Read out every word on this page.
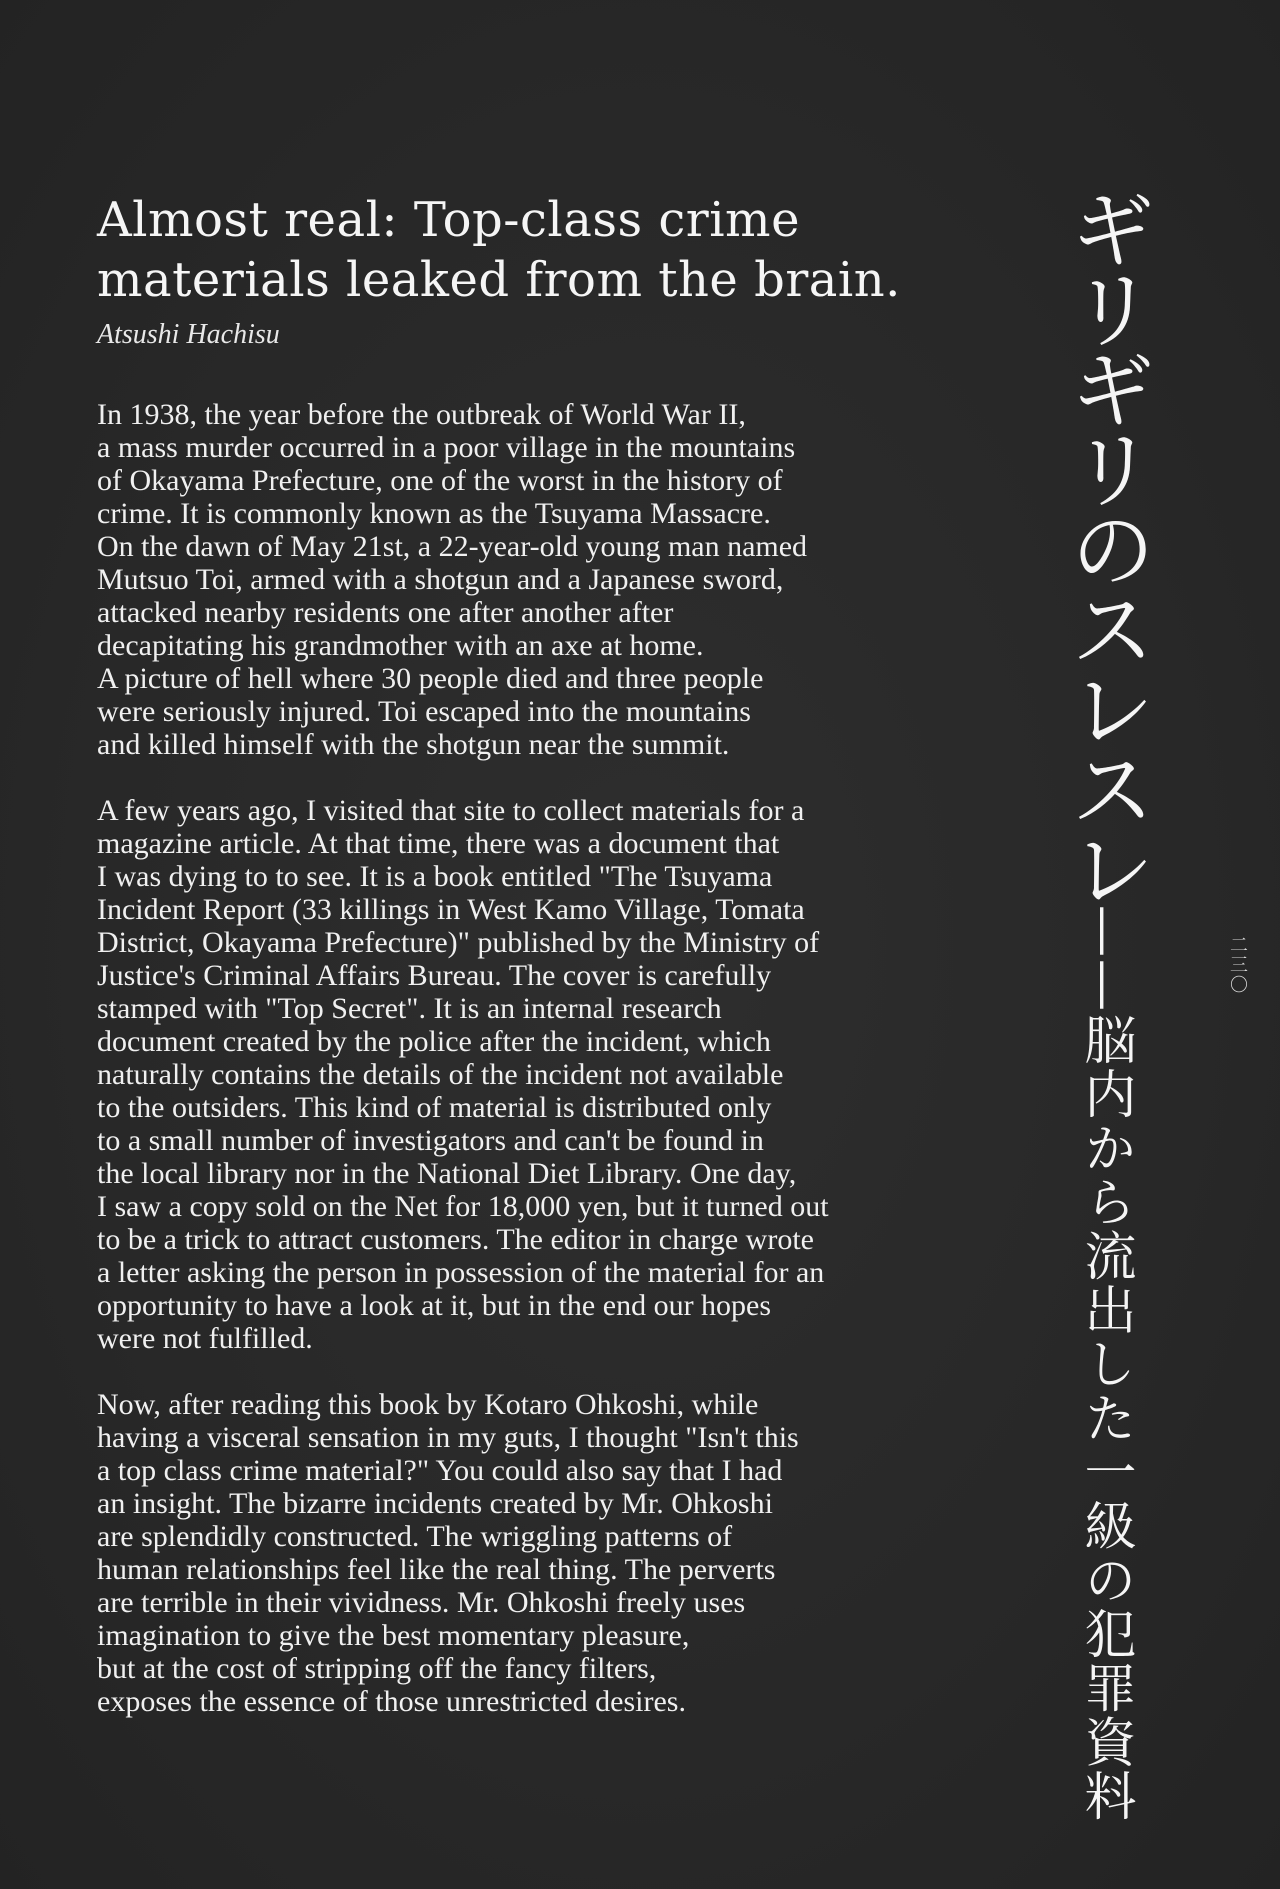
Almost real: Top-class crime
materials leaked from the brain.
Atsushi Hachisu
In 1938, the year before the outbreak of World War II,
a mass murder occurred in a poor village in the mountains
of Okayama Prefecture, one of the worst in the history of
crime. It is commonly known as the Tsuyama Massacre.
On the dawn of May 21st, a 22-year-old young man named
Mutsuo Toi, armed with a shotgun and a Japanese sword,
attacked nearby residents one after another after
decapitating his grandmother with an axe at home.
A picture of hell where 30 people died and three people
were seriously injured. Toi escaped into the mountains
and killed himself with the shotgun near the summit.
A few years ago, I visited that site to collect materials for a
magazine article. At that time, there was a document that
I was dying to to see. It is a book entitled "The Tsuyama
Incident Report (33 killings in West Kamo Village, Tomata
District, Okayama Prefecture)" published by the Ministry of
Justice's Criminal Affairs Bureau. The cover is carefully
stamped with "Top Secret". It is an internal research
document created by the police after the incident, which
naturally contains the details of the incident not available
to the outsiders. This kind of material is distributed only
to a small number of investigators and can't be found in
the local library nor in the National Diet Library. One day,
I saw a copy sold on the Net for 18,000 yen, but it turned out
to be a trick to attract customers. The editor in charge wrote
a letter asking the person in possession of the material for an
opportunity to have a look at it, but in the end our hopes
were not fulfilled.
Now, after reading this book by Kotaro Ohkoshi, while
having a visceral sensation in my guts, I thought "Isn't this
a top class crime material?" You could also say that I had
an insight. The bizarre incidents created by Mr. Ohkoshi
are splendidly constructed. The wriggling patterns of
human relationships feel like the real thing. The perverts
are terrible in their vividness. Mr. Ohkoshi freely uses
imagination to give the best momentary pleasure,
but at the cost of stripping off the fancy filters,
exposes the essence of those unrestricted desires.
ギリギリのスレスレ——脳内から流出した一級の犯罪資料
二三〇
